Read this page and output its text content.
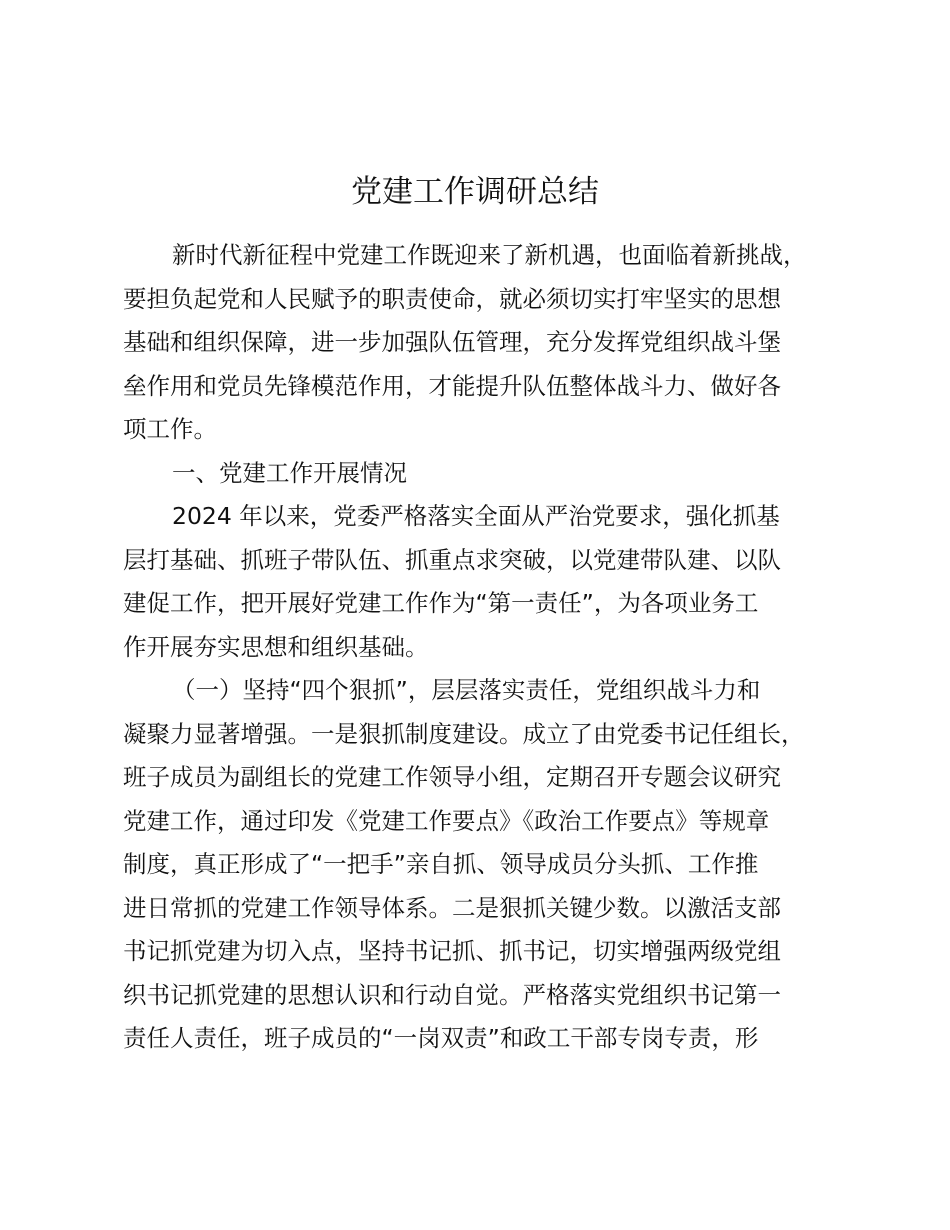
党建工作调研总结

新时代新征程中党建工作既迎来了新机遇，也面临着新挑战，
要担负起党和人民赋予的职责使命，就必须切实打牢坚实的思想
基础和组织保障，进一步加强队伍管理，充分发挥党组织战斗堡
垒作用和党员先锋模范作用，才能提升队伍整体战斗力、做好各
项工作。

一、党建工作开展情况

2024 年以来，党委严格落实全面从严治党要求，强化抓基
层打基础、抓班子带队伍、抓重点求突破，以党建带队建、以队
建促工作，把开展好党建工作作为“第一责任”，为各项业务工
作开展夯实思想和组织基础。

（一）坚持“四个狠抓”，层层落实责任，党组织战斗力和
凝聚力显著增强。一是狠抓制度建设。成立了由党委书记任组长，
班子成员为副组长的党建工作领导小组，定期召开专题会议研究
党建工作，通过印发《党建工作要点》《政治工作要点》等规章
制度，真正形成了“一把手”亲自抓、领导成员分头抓、工作推
进日常抓的党建工作领导体系。二是狠抓关键少数。以激活支部
书记抓党建为切入点，坚持书记抓、抓书记，切实增强两级党组
织书记抓党建的思想认识和行动自觉。严格落实党组织书记第一
责任人责任，班子成员的“一岗双责”和政工干部专岗专责，形
